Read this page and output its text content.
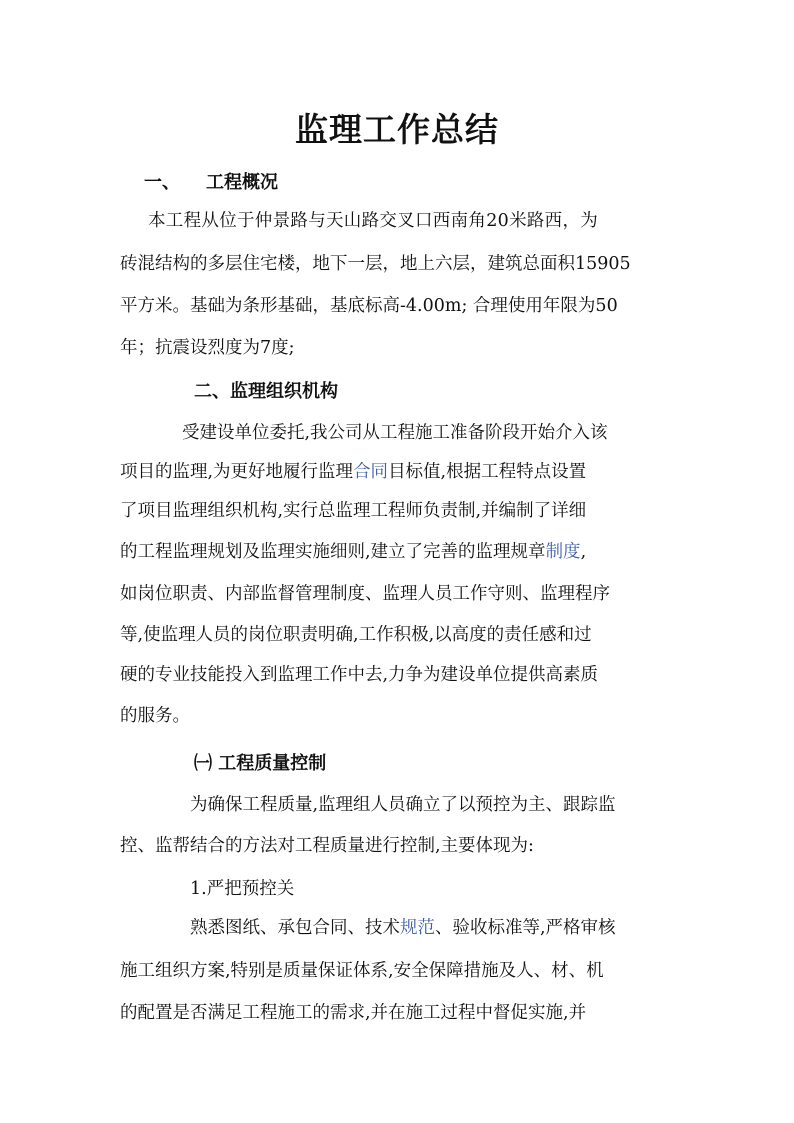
监理工作总结
一、 工程概况
本工程从位于仲景路与天山路交叉口西南角20米路西，为
砖混结构的多层住宅楼，地下一层，地上六层，建筑总面积15905
平方米。基础为条形基础，基底标高-4.00m; 合理使用年限为50
年；抗震设烈度为7度;
二、监理组织机构
受建设单位委托,我公司从工程施工准备阶段开始介入该
项目的监理,为更好地履行监理合同目标值,根据工程特点设置
了项目监理组织机构,实行总监理工程师负责制,并编制了详细
的工程监理规划及监理实施细则,建立了完善的监理规章制度,
如岗位职责、内部监督管理制度、监理人员工作守则、监理程序
等,使监理人员的岗位职责明确,工作积极,以高度的责任感和过
硬的专业技能投入到监理工作中去,力争为建设单位提供高素质
的服务。
㈠ 工程质量控制
为确保工程质量,监理组人员确立了以预控为主、跟踪监
控、监帮结合的方法对工程质量进行控制,主要体现为:
1.严把预控关
熟悉图纸、承包合同、技术规范、验收标准等,严格审核
施工组织方案,特别是质量保证体系,安全保障措施及人、材、机
的配置是否满足工程施工的需求,并在施工过程中督促实施,并
